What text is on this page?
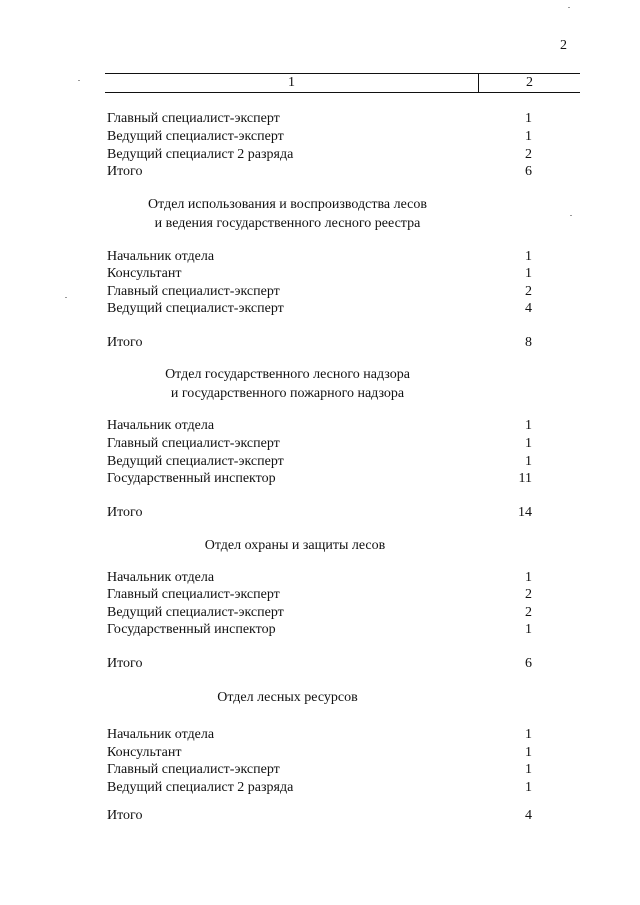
2
1	2
Главный специалист-эксперт	1
Ведущий специалист-эксперт	1
Ведущий специалист 2 разряда	2
Итого	6
Отдел использования и воспроизводства лесов
и ведения государственного лесного реестра
Начальник отдела	1
Консультант	1
Главный специалист-эксперт	2
Ведущий специалист-эксперт	4
Итого	8
Отдел государственного лесного надзора
и государственного пожарного надзора
Начальник отдела	1
Главный специалист-эксперт	1
Ведущий специалист-эксперт	1
Государственный инспектор	11
Итого	14
Отдел охраны и защиты лесов
Начальник отдела	1
Главный специалист-эксперт	2
Ведущий специалист-эксперт	2
Государственный инспектор	1
Итого	6
Отдел лесных ресурсов
Начальник отдела	1
Консультант	1
Главный специалист-эксперт	1
Ведущий специалист 2 разряда	1
Итого	4
